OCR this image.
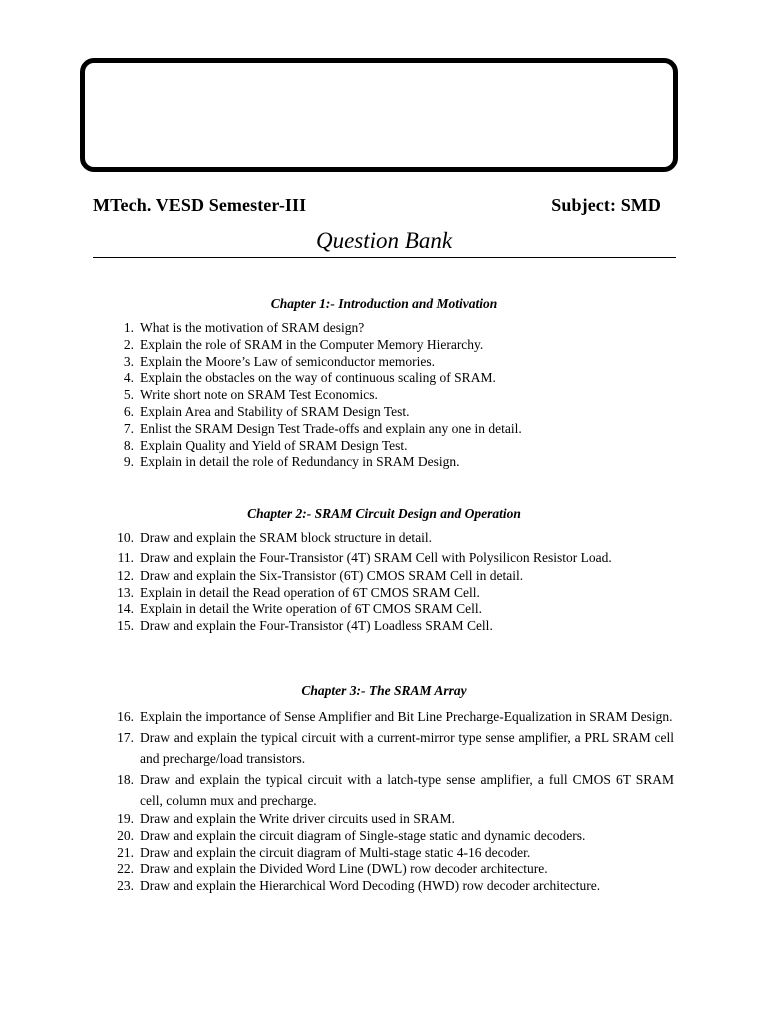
MTech. VESD Semester-III	Subject: SMD
Question Bank
Chapter 1:- Introduction and Motivation
1. What is the motivation of SRAM design?
2. Explain the role of SRAM in the Computer Memory Hierarchy.
3. Explain the Moore’s Law of semiconductor memories.
4. Explain the obstacles on the way of continuous scaling of SRAM.
5. Write short note on SRAM Test Economics.
6. Explain Area and Stability of SRAM Design Test.
7. Enlist the SRAM Design Test Trade-offs and explain any one in detail.
8. Explain Quality and Yield of SRAM Design Test.
9. Explain in detail the role of Redundancy in SRAM Design.
Chapter 2:- SRAM Circuit Design and Operation
10. Draw and explain the SRAM block structure in detail.
11. Draw and explain the Four-Transistor (4T) SRAM Cell with Polysilicon Resistor Load.
12. Draw and explain the Six-Transistor (6T) CMOS SRAM Cell in detail.
13. Explain in detail the Read operation of 6T CMOS SRAM Cell.
14. Explain in detail the Write operation of 6T CMOS SRAM Cell.
15. Draw and explain the Four-Transistor (4T) Loadless SRAM Cell.
Chapter 3:- The SRAM Array
16. Explain the importance of Sense Amplifier and Bit Line Precharge-Equalization in SRAM Design.
17. Draw and explain the typical circuit with a current-mirror type sense amplifier, a PRL SRAM cell and precharge/load transistors.
18. Draw and explain the typical circuit with a latch-type sense amplifier, a full CMOS 6T SRAM cell, column mux and precharge.
19. Draw and explain the Write driver circuits used in SRAM.
20. Draw and explain the circuit diagram of Single-stage static and dynamic decoders.
21. Draw and explain the circuit diagram of Multi-stage static 4-16 decoder.
22. Draw and explain the Divided Word Line (DWL) row decoder architecture.
23. Draw and explain the Hierarchical Word Decoding (HWD) row decoder architecture.
